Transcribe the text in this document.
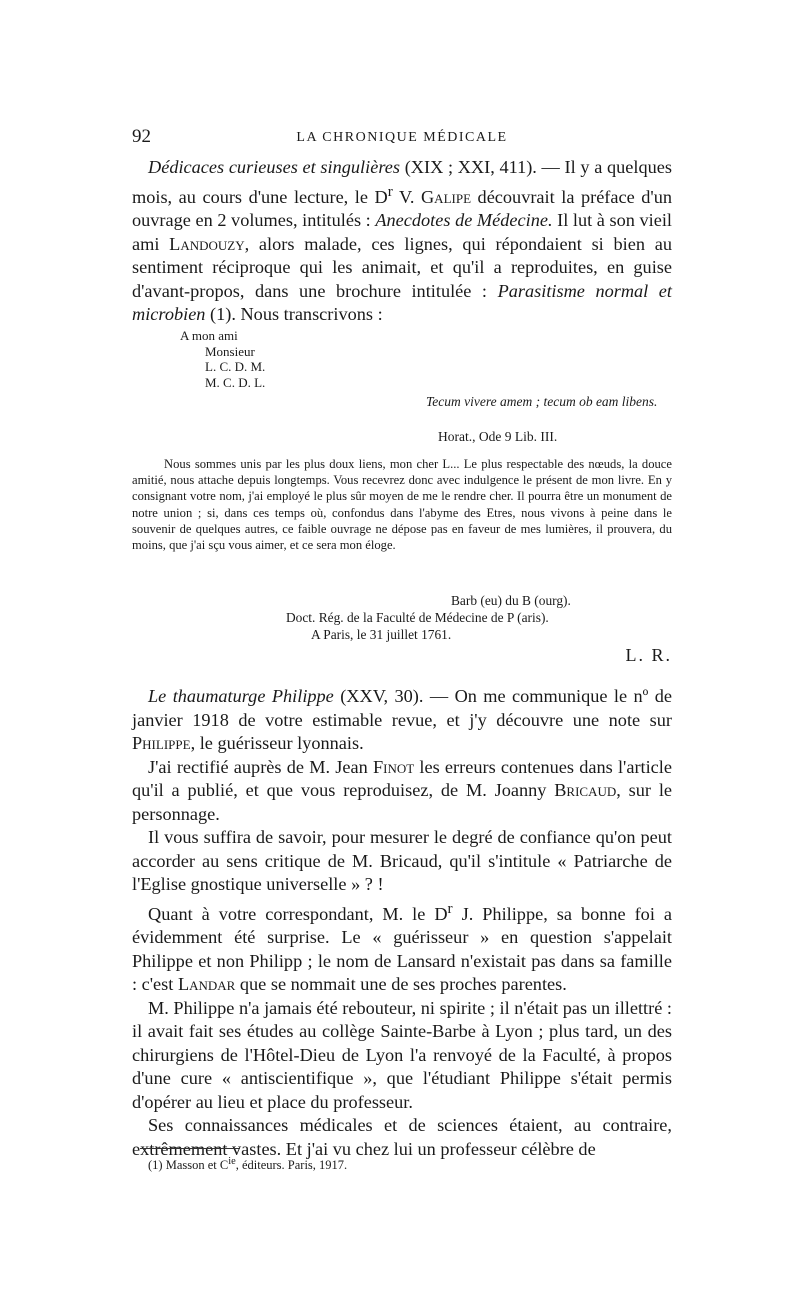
92	LA CHRONIQUE MÉDICALE

Dédicaces curieuses et singulières (XIX ; XXI, 411). — Il y a quelques mois, au cours d'une lecture, le $D^r$ V. Galipe découvrait la préface d'un ouvrage en 2 volumes, intitulés : Anecdotes de Médecine. Il lut à son vieil ami Landouzy, alors malade, ces lignes, qui répondaient si bien au sentiment réciproque qui les animait, et qu'il a reproduites, en guise d'avant-propos, dans une brochure intitulée : Parasitisme normal et microbien (1). Nous transcrivons :

A mon ami
Monsieur
L. C. D. M.
M. C. D. L.
Tecum vivere amem ; tecum ob eam libens.
Horat., Ode 9 Lib. III.

Nous sommes unis par les plus doux liens, mon cher L... Le plus respectable des nœuds, la douce amitié, nous attache depuis longtemps. Vous recevrez donc avec indulgence le présent de mon livre. En y consignant votre nom, j'ai employé le plus sûr moyen de me le rendre cher. Il pourra être un monument de notre union ; si, dans ces temps où, confondus dans l'abyme des Etres, nous vivons à peine dans le souvenir de quelques autres, ce faible ouvrage ne dépose pas en faveur de mes lumières, il prouvera, du moins, que j'ai sçu vous aimer, et ce sera mon éloge.

Barb (eu) du B (ourg).
Doct. Rég. de la Faculté de Médecine de P (aris).
A Paris, le 31 juillet 1761.
L. R.

Le thaumaturge Philippe (XXV, 30). — On me communique le nº de janvier 1918 de votre estimable revue, et j'y découvre une note sur Philippe, le guérisseur lyonnais.

J'ai rectifié auprès de M. Jean Finot les erreurs contenues dans l'article qu'il a publié, et que vous reproduisez, de M. Joanny Bricaud, sur le personnage.

Il vous suffira de savoir, pour mesurer le degré de confiance qu'on peut accorder au sens critique de M. Bricaud, qu'il s'intitule « Patriarche de l'Eglise gnostique universelle » ? !

Quant à votre correspondant, M. le $D^r$ J. Philippe, sa bonne foi a évidemment été surprise. Le « guérisseur » en question s'appelait Philippe et non Philipp ; le nom de Lansard n'existait pas dans sa famille : c'est Landar que se nommait une de ses proches parentes.

M. Philippe n'a jamais été rebouteur, ni spirite ; il n'était pas un illettré : il avait fait ses études au collège Sainte-Barbe à Lyon ; plus tard, un des chirurgiens de l'Hôtel-Dieu de Lyon l'a renvoyé de la Faculté, à propos d'une cure « antiscientifique », que l'étudiant Philippe s'était permis d'opérer au lieu et place du professeur.

Ses connaissances médicales et de sciences étaient, au contraire, extrêmement vastes. Et j'ai vu chez lui un professeur célèbre de

(1) Masson et $C^{ie}$, éditeurs. Paris, 1917.
